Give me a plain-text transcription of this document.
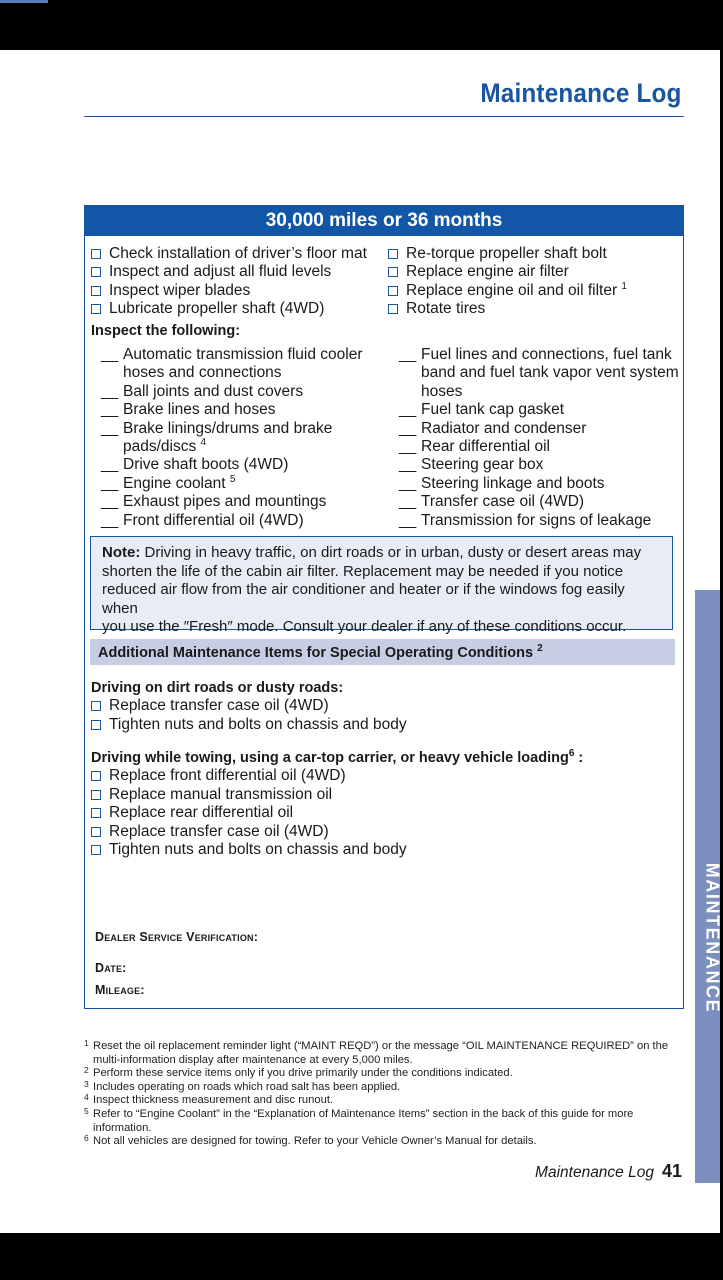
Maintenance Log
30,000 miles or 36 months
Check installation of driver’s floor mat
Inspect and adjust all fluid levels
Inspect wiper blades
Lubricate propeller shaft (4WD)
Re-torque propeller shaft bolt
Replace engine air filter
Replace engine oil and oil filter $^1$
Rotate tires
Inspect the following:
__ Automatic transmission fluid cooler
hoses and connections
__ Ball joints and dust covers
__ Brake lines and hoses
__ Brake linings/drums and brake
pads/discs $^4$
__ Drive shaft boots (4WD)
__ Engine coolant $^5$
__ Exhaust pipes and mountings
__ Front differential oil (4WD)
__ Fuel lines and connections, fuel tank
band and fuel tank vapor vent system
hoses
__ Fuel tank cap gasket
__ Radiator and condenser
__ Rear differential oil
__ Steering gear box
__ Steering linkage and boots
__ Transfer case oil (4WD)
__ Transmission for signs of leakage
Note: Driving in heavy traffic, on dirt roads or in urban, dusty or desert areas may
shorten the life of the cabin air filter. Replacement may be needed if you notice
reduced air flow from the air conditioner and heater or if the windows fog easily when
you use the ″Fresh″ mode. Consult your dealer if any of these conditions occur.
Additional Maintenance Items for Special Operating Conditions $^2$
Driving on dirt roads or dusty roads:
Replace transfer case oil (4WD)
Tighten nuts and bolts on chassis and body
Driving while towing, using a car-top carrier, or heavy vehicle loading$^6$ :
Replace front differential oil (4WD)
Replace manual transmission oil
Replace rear differential oil
Replace transfer case oil (4WD)
Tighten nuts and bolts on chassis and body
Dealer Service Verification:
Date:
Mileage:
1 Reset the oil replacement reminder light (“MAINT REQD”) or the message “OIL MAINTENANCE REQUIRED” on the
multi-information display after maintenance at every 5,000 miles.
2 Perform these service items only if you drive primarily under the conditions indicated.
3 Includes operating on roads which road salt has been applied.
4 Inspect thickness measurement and disc runout.
5 Refer to “Engine Coolant” in the “Explanation of Maintenance Items” section in the back of this guide for more
information.
6 Not all vehicles are designed for towing. Refer to your Vehicle Owner’s Manual for details.
Maintenance Log 41
MAINTENANCE
